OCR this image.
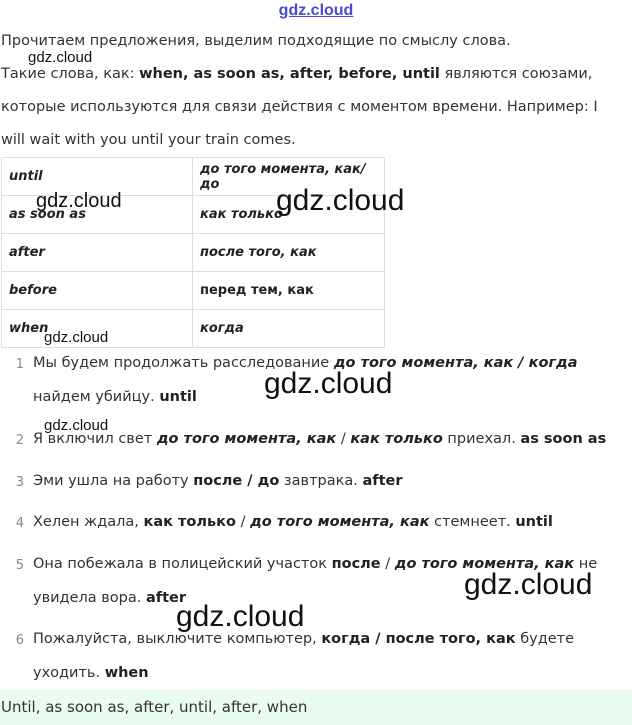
gdz.cloud
Прочитаем предложения, выделим подходящие по смыслу слова.
Такие слова, как: when, as soon as, after, before, until являются союзами,
которые используются для связи действия с моментом времени. Например: I
will wait with you until your train comes.
until	до того момента, как/до
as soon as	как только
after	после того, как
before	перед тем, как
when	когда
1 Мы будем продолжать расследование до того момента, как / когда
найдем убийцу. until
2 Я включил свет до того момента, как / как только приехал. as soon as
3 Эми ушла на работу после / до завтрака. after
4 Хелен ждала, как только / до того момента, как стемнеет. until
5 Она побежала в полицейский участок после / до того момента, как не
увидела вора. after
6 Пожалуйста, выключите компьютер, когда / после того, как будете
уходить. when
Until, as soon as, after, until, after, when
gdz.cloud
gdz.cloud	gdz.cloud
gdz.cloud
gdz.cloud
gdz.cloud
gdz.cloud
gdz.cloud
